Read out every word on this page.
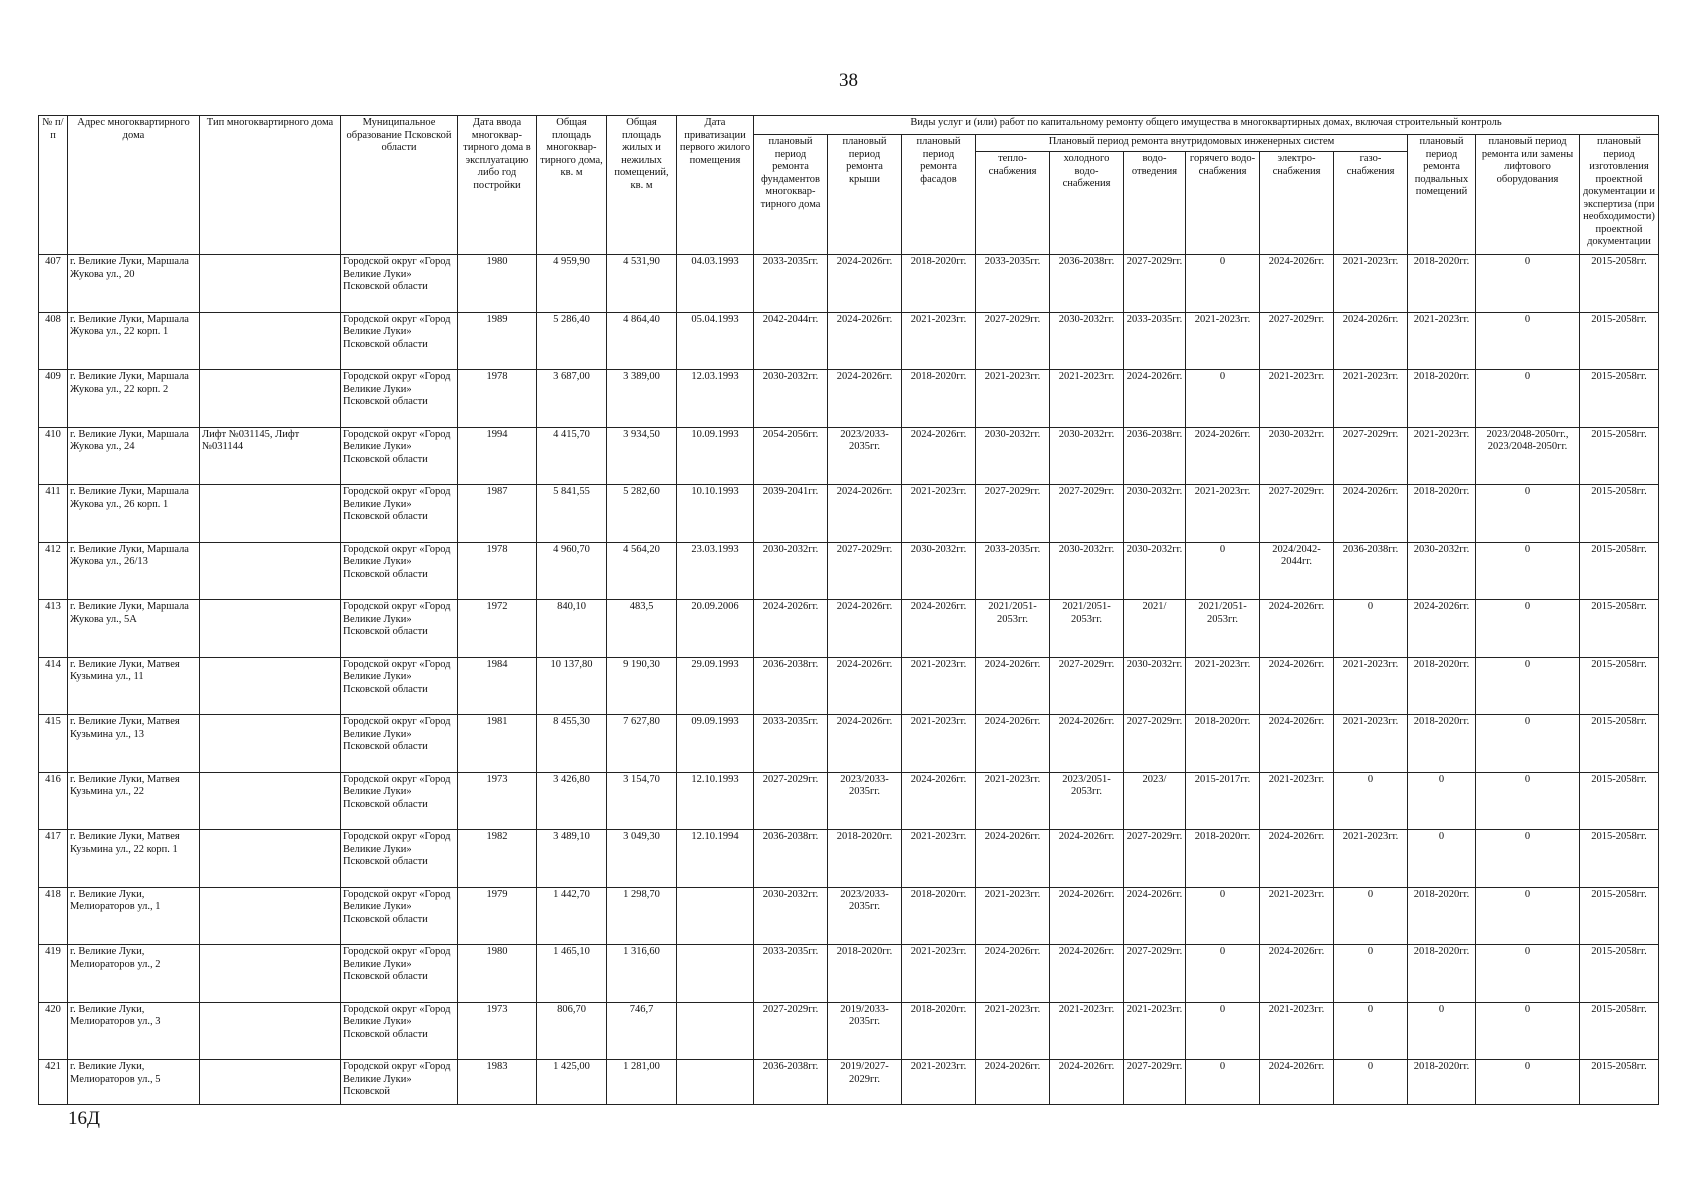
38
№ п/п	Адрес многоквартирного дома	Тип многоквартирного дома	Муниципальное образование Псковской области	Дата ввода многоквар-тирного дома в эксплуатацию либо год постройки	Общая площадь многоквар-тирного дома, кв. м	Общая площадь жилых и нежилых помещений, кв. м	Дата приватизации первого жилого помещения	Виды услуг и (или) работ по капитальному ремонту общего имущества в многоквартирных домах, включая строительный контроль											
								плановый период ремонта фундаментов многоквар-тирного дома	плановый период ремонта крыши	плановый период ремонта фасадов	Плановый период ремонта внутридомовых инженерных систем						плановый период ремонта подвальных помещений	плановый период ремонта или замены лифтового оборудования	плановый период изготовления проектной документации и экспертиза (при необходимости) проектной документации
											тепло-снабжения	холодного водо-снабжения	водо-отведения	горячего водо-снабжения	электро-снабжения	газо-снабжения			
407	г. Великие Луки, Маршала Жукова ул., 20		Городской округ «Город Великие Луки» Псковской области	1980	4 959,90	4 531,90	04.03.1993	2033-2035гг.	2024-2026гг.	2018-2020гг.	2033-2035гг.	2036-2038гг.	2027-2029гг.	0	2024-2026гг.	2021-2023гг.	2018-2020гг.	0	2015-2058гг.
408	г. Великие Луки, Маршала Жукова ул., 22 корп. 1		Городской округ «Город Великие Луки» Псковской области	1989	5 286,40	4 864,40	05.04.1993	2042-2044гг.	2024-2026гг.	2021-2023гг.	2027-2029гг.	2030-2032гг.	2033-2035гг.	2021-2023гг.	2027-2029гг.	2024-2026гг.	2021-2023гг.	0	2015-2058гг.
409	г. Великие Луки, Маршала Жукова ул., 22 корп. 2		Городской округ «Город Великие Луки» Псковской области	1978	3 687,00	3 389,00	12.03.1993	2030-2032гг.	2024-2026гг.	2018-2020гг.	2021-2023гг.	2021-2023гг.	2024-2026гг.	0	2021-2023гг.	2021-2023гг.	2018-2020гг.	0	2015-2058гг.
410	г. Великие Луки, Маршала Жукова ул., 24	Лифт №031145, Лифт №031144	Городской округ «Город Великие Луки» Псковской области	1994	4 415,70	3 934,50	10.09.1993	2054-2056гг.	2023/2033-2035гг.	2024-2026гг.	2030-2032гг.	2030-2032гг.	2036-2038гг.	2024-2026гг.	2030-2032гг.	2027-2029гг.	2021-2023гг.	2023/2048-2050гг., 2023/2048-2050гг.	2015-2058гг.
411	г. Великие Луки, Маршала Жукова ул., 26 корп. 1		Городской округ «Город Великие Луки» Псковской области	1987	5 841,55	5 282,60	10.10.1993	2039-2041гг.	2024-2026гг.	2021-2023гг.	2027-2029гг.	2027-2029гг.	2030-2032гг.	2021-2023гг.	2027-2029гг.	2024-2026гг.	2018-2020гг.	0	2015-2058гг.
412	г. Великие Луки, Маршала Жукова ул., 26/13		Городской округ «Город Великие Луки» Псковской области	1978	4 960,70	4 564,20	23.03.1993	2030-2032гг.	2027-2029гг.	2030-2032гг.	2033-2035гг.	2030-2032гг.	2030-2032гг.	0	2024/2042-2044гг.	2036-2038гг.	2030-2032гг.	0	2015-2058гг.
413	г. Великие Луки, Маршала Жукова ул., 5А		Городской округ «Город Великие Луки» Псковской области	1972	840,10	483,5	20.09.2006	2024-2026гг.	2024-2026гг.	2024-2026гг.	2021/2051-2053гг.	2021/2051-2053гг.	2021/	2021/2051-2053гг.	2024-2026гг.	0	2024-2026гг.	0	2015-2058гг.
414	г. Великие Луки, Матвея Кузьмина ул., 11		Городской округ «Город Великие Луки» Псковской области	1984	10 137,80	9 190,30	29.09.1993	2036-2038гг.	2024-2026гг.	2021-2023гг.	2024-2026гг.	2027-2029гг.	2030-2032гг.	2021-2023гг.	2024-2026гг.	2021-2023гг.	2018-2020гг.	0	2015-2058гг.
415	г. Великие Луки, Матвея Кузьмина ул., 13		Городской округ «Город Великие Луки» Псковской области	1981	8 455,30	7 627,80	09.09.1993	2033-2035гг.	2024-2026гг.	2021-2023гг.	2024-2026гг.	2024-2026гг.	2027-2029гг.	2018-2020гг.	2024-2026гг.	2021-2023гг.	2018-2020гг.	0	2015-2058гг.
416	г. Великие Луки, Матвея Кузьмина ул., 22		Городской округ «Город Великие Луки» Псковской области	1973	3 426,80	3 154,70	12.10.1993	2027-2029гг.	2023/2033-2035гг.	2024-2026гг.	2021-2023гг.	2023/2051-2053гг.	2023/	2015-2017гг.	2021-2023гг.	0	0	0	2015-2058гг.
417	г. Великие Луки, Матвея Кузьмина ул., 22 корп. 1		Городской округ «Город Великие Луки» Псковской области	1982	3 489,10	3 049,30	12.10.1994	2036-2038гг.	2018-2020гг.	2021-2023гг.	2024-2026гг.	2024-2026гг.	2027-2029гг.	2018-2020гг.	2024-2026гг.	2021-2023гг.	0	0	2015-2058гг.
418	г. Великие Луки, Мелиораторов ул., 1		Городской округ «Город Великие Луки» Псковской области	1979	1 442,70	1 298,70		2030-2032гг.	2023/2033-2035гг.	2018-2020гг.	2021-2023гг.	2024-2026гг.	2024-2026гг.	0	2021-2023гг.	0	2018-2020гг.	0	2015-2058гг.
419	г. Великие Луки, Мелиораторов ул., 2		Городской округ «Город Великие Луки» Псковской области	1980	1 465,10	1 316,60		2033-2035гг.	2018-2020гг.	2021-2023гг.	2024-2026гг.	2024-2026гг.	2027-2029гг.	0	2024-2026гг.	0	2018-2020гг.	0	2015-2058гг.
420	г. Великие Луки, Мелиораторов ул., 3		Городской округ «Город Великие Луки» Псковской области	1973	806,70	746,7		2027-2029гг.	2019/2033-2035гг.	2018-2020гг.	2021-2023гг.	2021-2023гг.	2021-2023гг.	0	2021-2023гг.	0	0	0	2015-2058гг.
421	г. Великие Луки, Мелиораторов ул., 5		Городской округ «Город Великие Луки» Псковской	1983	1 425,00	1 281,00		2036-2038гг.	2019/2027-2029гг.	2021-2023гг.	2024-2026гг.	2024-2026гг.	2027-2029гг.	0	2024-2026гг.	0	2018-2020гг.	0	2015-2058гг.
16Д
